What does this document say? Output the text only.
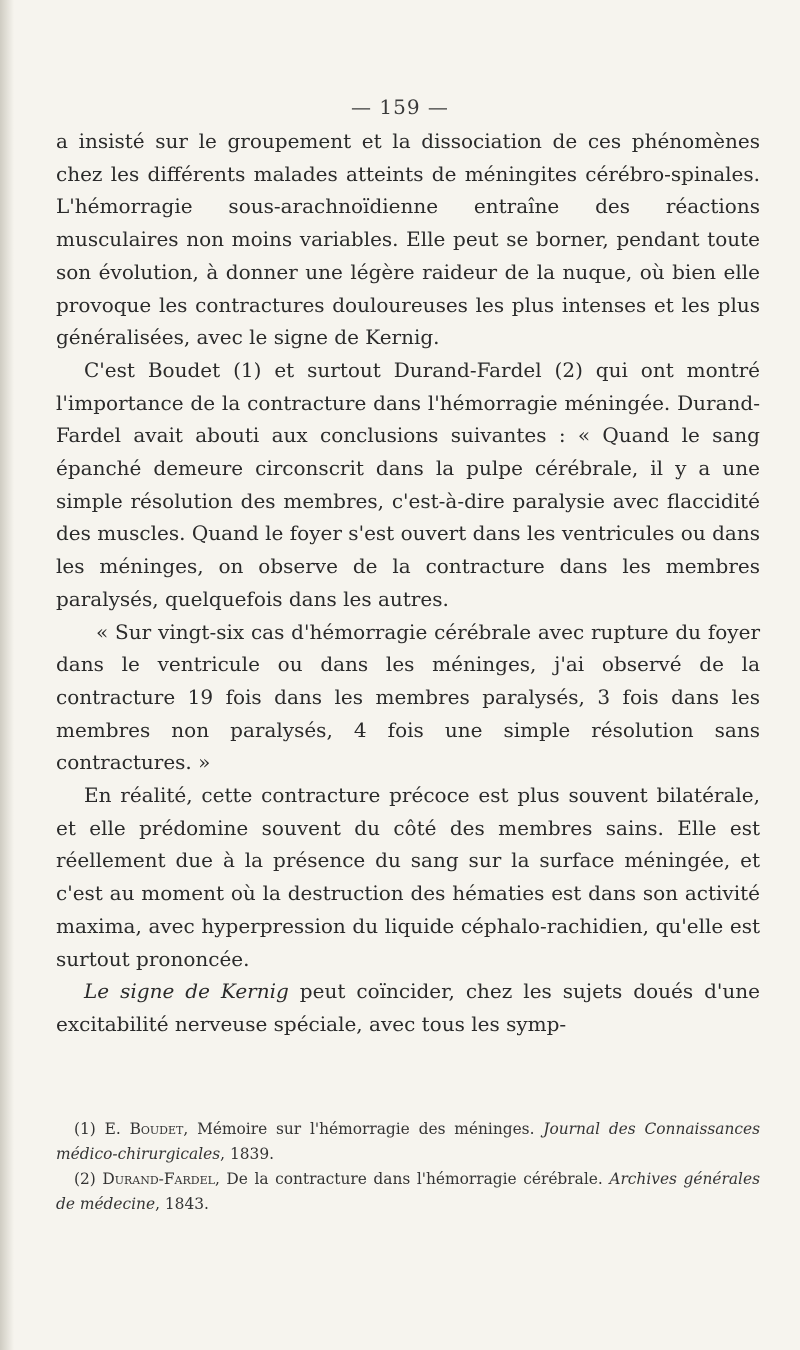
— 159 —

a insisté sur le groupement et la dissociation de ces phénomènes chez les différents malades atteints de méningites cérébro-spinales. L'hémorragie sous-arachnoïdienne entraîne des réactions musculaires non moins variables. Elle peut se borner, pendant toute son évolution, à donner une légère raideur de la nuque, où bien elle provoque les contractures douloureuses les plus intenses et les plus généralisées, avec le signe de Kernig.

C'est Boudet (1) et surtout Durand-Fardel (2) qui ont montré l'importance de la contracture dans l'hémorragie méningée. Durand-Fardel avait abouti aux conclusions suivantes : « Quand le sang épanché demeure circonscrit dans la pulpe cérébrale, il y a une simple résolution des membres, c'est-à-dire paralysie avec flaccidité des muscles. Quand le foyer s'est ouvert dans les ventricules ou dans les méninges, on observe de la contracture dans les membres paralysés, quelquefois dans les autres.

« Sur vingt-six cas d'hémorragie cérébrale avec rupture du foyer dans le ventricule ou dans les méninges, j'ai observé de la contracture 19 fois dans les membres paralysés, 3 fois dans les membres non paralysés, 4 fois une simple résolution sans contractures. »

En réalité, cette contracture précoce est plus souvent bilatérale, et elle prédomine souvent du côté des membres sains. Elle est réellement due à la présence du sang sur la surface méningée, et c'est au moment où la destruction des hématies est dans son activité maxima, avec hyperpression du liquide céphalo-rachidien, qu'elle est surtout prononcée.

Le signe de Kernig peut coïncider, chez les sujets doués d'une excitabilité nerveuse spéciale, avec tous les symp-

(1) E. Boudet, Mémoire sur l'hémorragie des méninges. Journal des Connaissances médico-chirurgicales, 1839.

(2) Durand-Fardel, De la contracture dans l'hémorragie cérébrale. Archives générales de médecine, 1843.
